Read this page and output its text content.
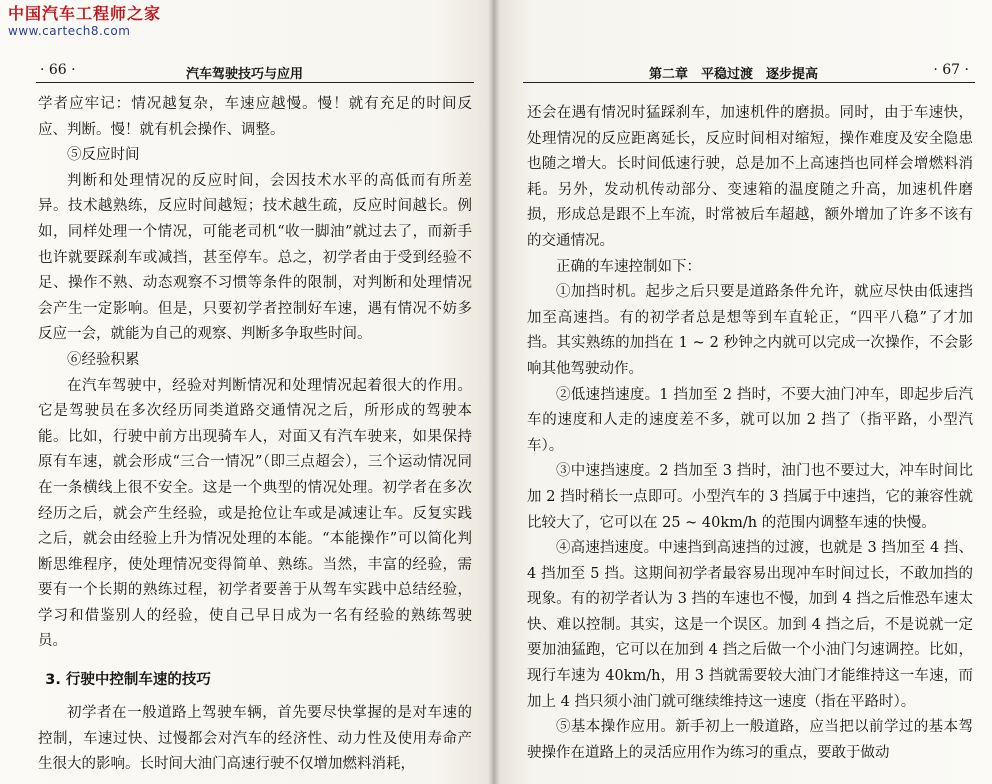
· 66 ·	汽车驾驶技巧与应用

学者应牢记：情况越复杂，车速应越慢。慢！就有充足的时间反应、判断。慢！就有机会操作、调整。

⑤反应时间

判断和处理情况的反应时间，会因技术水平的高低而有所差异。技术越熟练，反应时间越短；技术越生疏，反应时间越长。例如，同样处理一个情况，可能老司机“收一脚油”就过去了，而新手也许就要踩刹车或减挡，甚至停车。总之，初学者由于受到经验不足、操作不熟、动态观察不习惯等条件的限制，对判断和处理情况会产生一定影响。但是，只要初学者控制好车速，遇有情况不妨多反应一会，就能为自己的观察、判断多争取些时间。

⑥经验积累

在汽车驾驶中，经验对判断情况和处理情况起着很大的作用。它是驾驶员在多次经历同类道路交通情况之后，所形成的驾驶本能。比如，行驶中前方出现骑车人，对面又有汽车驶来，如果保持原有车速，就会形成“三合一情况”（即三点超会），三个运动情况同在一条横线上很不安全。这是一个典型的情况处理。初学者在多次经历之后，就会产生经验，或是抢位让车或是减速让车。反复实践之后，就会由经验上升为情况处理的本能。“本能操作”可以简化判断思维程序，使处理情况变得简单、熟练。当然，丰富的经验，需要有一个长期的熟练过程，初学者要善于从驾车实践中总结经验，学习和借鉴别人的经验，使自己早日成为一名有经验的熟练驾驶员。

3. 行驶中控制车速的技巧

初学者在一般道路上驾驶车辆，首先要尽快掌握的是对车速的控制，车速过快、过慢都会对汽车的经济性、动力性及使用寿命产生很大的影响。长时间大油门高速行驶不仅增加燃料消耗，

第二章　平稳过渡　逐步提高	· 67 ·

还会在遇有情况时猛踩刹车，加速机件的磨损。同时，由于车速快，处理情况的反应距离延长，反应时间相对缩短，操作难度及安全隐患也随之增大。长时间低速行驶，总是加不上高速挡也同样会增燃料消耗。另外，发动机传动部分、变速箱的温度随之升高，加速机件磨损，形成总是跟不上车流，时常被后车超越，额外增加了许多不该有的交通情况。

正确的车速控制如下：

①加挡时机。起步之后只要是道路条件允许，就应尽快由低速挡加至高速挡。有的初学者总是想等到车直轮正，“四平八稳”了才加挡。其实熟练的加挡在 1 ~ 2 秒钟之内就可以完成一次操作，不会影响其他驾驶动作。

②低速挡速度。1 挡加至 2 挡时，不要大油门冲车，即起步后汽车的速度和人走的速度差不多，就可以加 2 挡了（指平路，小型汽车）。

③中速挡速度。2 挡加至 3 挡时，油门也不要过大，冲车时间比加 2 挡时稍长一点即可。小型汽车的 3 挡属于中速挡，它的兼容性就比较大了，它可以在 25 ~ 40km/h 的范围内调整车速的快慢。

④高速挡速度。中速挡到高速挡的过渡，也就是 3 挡加至 4 挡、4 挡加至 5 挡。这期间初学者最容易出现冲车时间过长，不敢加挡的现象。有的初学者认为 3 挡的车速也不慢，加到 4 挡之后惟恐车速太快、难以控制。其实，这是一个误区。加到 4 挡之后，不是说就一定要加油猛跑，它可以在加到 4 挡之后做一个小油门匀速调控。比如，现行车速为 40km/h，用 3 挡就需要较大油门才能维持这一车速，而加上 4 挡只须小油门就可继续维持这一速度（指在平路时）。

⑤基本操作应用。新手初上一般道路，应当把以前学过的基本驾驶操作在道路上的灵活应用作为练习的重点，要敢于做动

中国汽车工程师之家
www.cartech8.com
